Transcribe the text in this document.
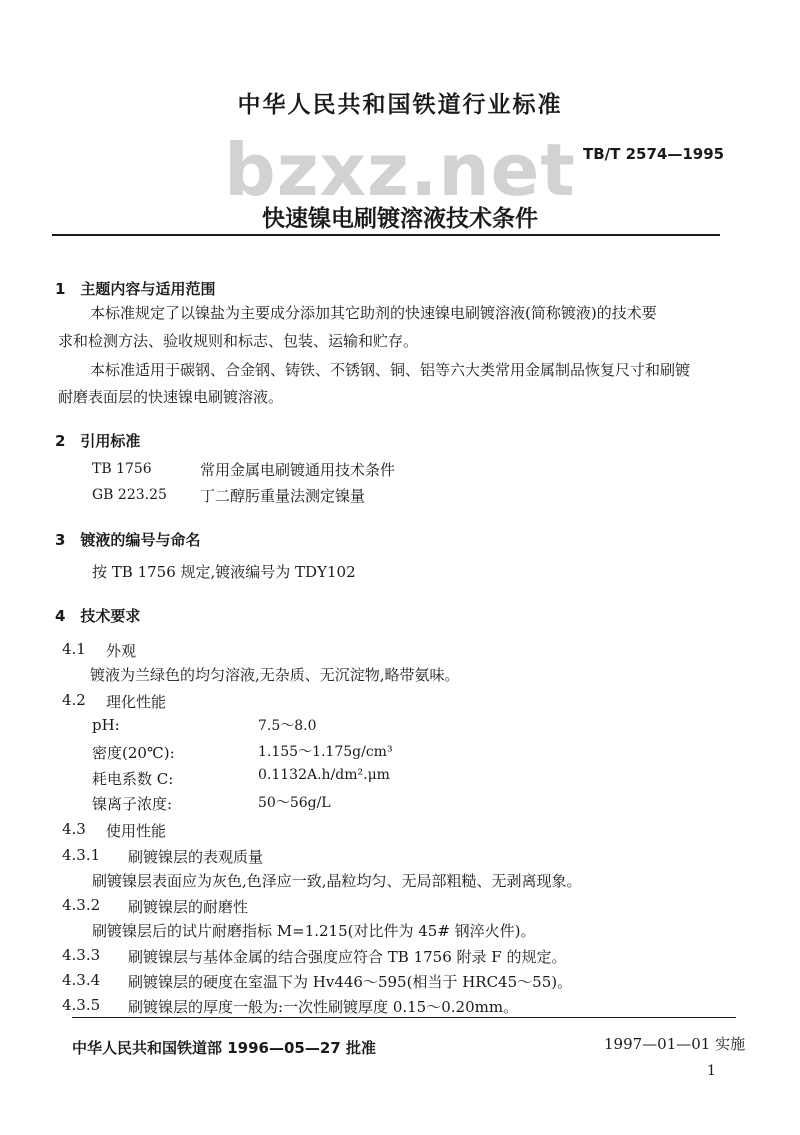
bzxz.net
中华人民共和国铁道行业标准
TB/T 2574—1995
快速镍电刷镀溶液技术条件
1　主题内容与适用范围
本标准规定了以镍盐为主要成分添加其它助剂的快速镍电刷镀溶液(简称镀液)的技术要
求和检测方法、验收规则和标志、包装、运输和贮存。
本标准适用于碳钢、合金钢、铸铁、不锈钢、铜、铝等六大类常用金属制品恢复尺寸和刷镀
耐磨表面层的快速镍电刷镀溶液。
2　引用标准
TB 1756	常用金属电刷镀通用技术条件
GB 223.25 丁二醇肟重量法测定镍量
3　镀液的编号与命名
按 TB 1756 规定,镀液编号为 TDY102
4　技术要求
4.1 外观
镀液为兰绿色的均匀溶液,无杂质、无沉淀物,略带氨味。
4.2 理化性能
pH:	7.5～8.0
密度(20℃):	1.155～1.175g/cm³
耗电系数 C:	0.1132A.h/dm².μm
镍离子浓度:	50～56g/L
4.3 使用性能
4.3.1 刷镀镍层的表观质量
刷镀镍层表面应为灰色,色泽应一致,晶粒均匀、无局部粗糙、无剥离现象。
4.3.2 刷镀镍层的耐磨性
刷镀镍层后的试片耐磨指标 M=1.215(对比件为 45# 钢淬火件)。
4.3.3 刷镀镍层与基体金属的结合强度应符合 TB 1756 附录 F 的规定。
4.3.4 刷镀镍层的硬度在室温下为 Hv446～595(相当于 HRC45～55)。
4.3.5 刷镀镍层的厚度一般为:一次性刷镀厚度 0.15～0.20mm。
中华人民共和国铁道部 1996—05—27 批准	1997—01—01 实施
1
